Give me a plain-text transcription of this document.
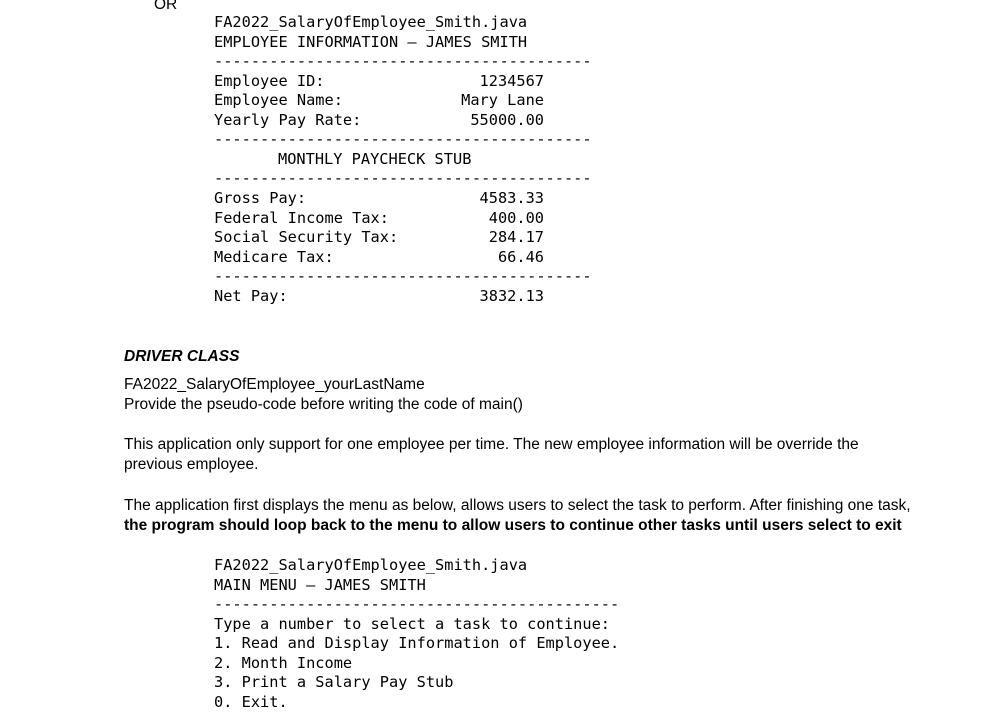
OR
FA2022_SalaryOfEmployee_Smith.java
EMPLOYEE INFORMATION – JAMES SMITH
-----------------------------------------
Employee ID:	1234567
Employee Name:	Mary Lane
Yearly Pay Rate:	55000.00
-----------------------------------------
MONTHLY PAYCHECK STUB
-----------------------------------------
Gross Pay:	4583.33
Federal Income Tax:	400.00
Social Security Tax:	284.17
Medicare Tax:	66.46
-----------------------------------------
Net Pay:	3832.13
DRIVER CLASS
FA2022_SalaryOfEmployee_yourLastName
Provide the pseudo-code before writing the code of main()
This application only support for one employee per time. The new employee information will be override the previous employee.
The application first displays the menu as below, allows users to select the task to perform. After finishing one task,
the program should loop back to the menu to allow users to continue other tasks until users select to exit
FA2022_SalaryOfEmployee_Smith.java
MAIN MENU – JAMES SMITH
--------------------------------------------
Type a number to select a task to continue:
1. Read and Display Information of Employee.
2. Month Income
3. Print a Salary Pay Stub
0. Exit.
